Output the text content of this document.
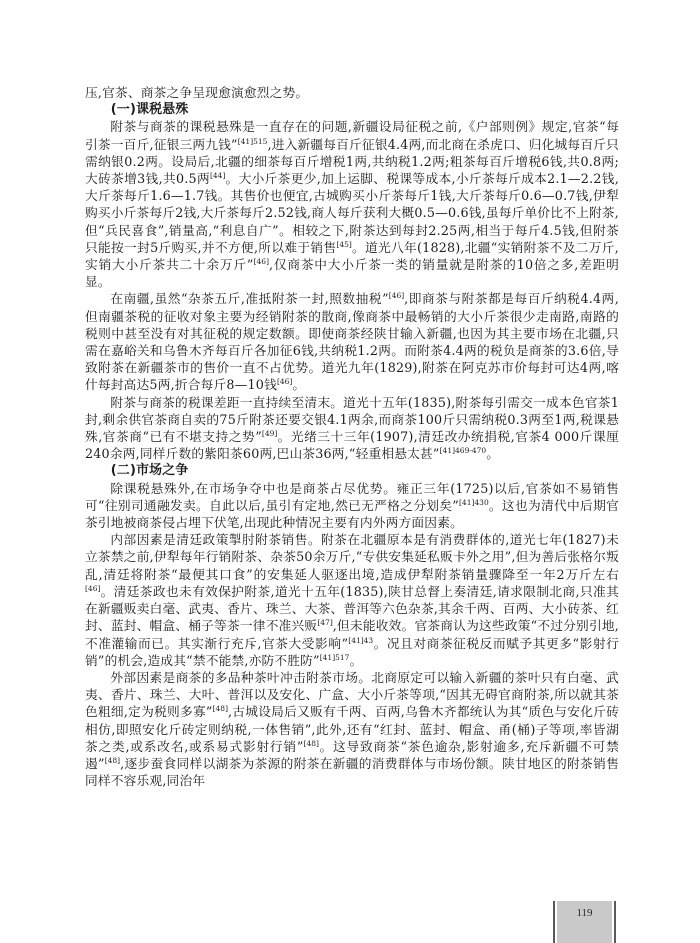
压,官茶、商茶之争呈现愈演愈烈之势。

(一)课税悬殊

附茶与商茶的课税悬殊是一直存在的问题,新疆设局征税之前,《户部则例》规定,官茶“每引茶一百斤,征银三两九钱”$^{[41]515}$,进入新疆每百斤征银4.4两,而北商在杀虎口、归化城每百斤只需纳银0.2两。设局后,北疆的细茶每百斤增税1两,共纳税1.2两;粗茶每百斤增税6钱,共0.8两;大砖茶增3钱,共0.5两[44]。大小斤茶更少,加上运脚、税课等成本,小斤茶每斤成本2.1—2.2钱,大斤茶每斤1.6—1.7钱。其售价也便宜,古城购买小斤茶每斤1钱,大斤茶每斤0.6—0.7钱,伊犁购买小斤茶每斤2钱,大斤茶每斤2.52钱,商人每斤获利大概0.5—0.6钱,虽每斤单价比不上附茶,但“兵民喜食”,销量高,“利息自广”。相较之下,附茶达到每封2.25两,相当于每斤4.5钱,但附茶只能按一封5斤购买,并不方便,所以难于销售[45]。道光八年(1828),北疆“实销附茶不及二万斤,实销大小斤茶共二十余万斤”[46],仅商茶中大小斤茶一类的销量就是附茶的10倍之多,差距明显。

在南疆,虽然“杂茶五斤,准抵附茶一封,照数抽税”[46],即商茶与附茶都是每百斤纳税4.4两,但南疆茶税的征收对象主要为经销附茶的散商,像商茶中最畅销的大小斤茶很少走南路,南路的税则中甚至没有对其征税的规定数额。即使商茶经陕甘输入新疆,也因为其主要市场在北疆,只需在嘉峪关和乌鲁木齐每百斤各加征6钱,共纳税1.2两。而附茶4.4两的税负是商茶的3.6倍,导致附茶在新疆茶市的售价一直不占优势。道光九年(1829),附茶在阿克苏市价每封可达4两,喀什每封高达5两,折合每斤8—10钱[46]。

附茶与商茶的税课差距一直持续至清末。道光十五年(1835),附茶每引需交一成本色官茶1封,剩余供官茶商自卖的75斤附茶还要交银4.1两余,而商茶100斤只需纳税0.3两至1两,税课悬殊,官茶商“已有不堪支持之势”[49]。光绪三十三年(1907),清廷改办统捐税,官茶4 000斤课厘240余两,同样斤数的紫阳茶60两,巴山茶36两,“轻重相悬太甚”$^{[41]469-470}$。

(二)市场之争

除课税悬殊外,在市场争夺中也是商茶占尽优势。雍正三年(1725)以后,官茶如不易销售可“往别司通融发卖。自此以后,虽引有定地,然已无严格之分划矣”$^{[41]430}$。这也为清代中后期官茶引地被商茶侵占埋下伏笔,出现此种情况主要有内外两方面因素。

内部因素是清廷政策掣肘附茶销售。附茶在北疆原本是有消费群体的,道光七年(1827)未立茶禁之前,伊犁每年行销附茶、杂茶50余万斤,“专供安集延私贩卡外之用”,但为善后张格尔叛乱,清廷将附茶“最便其口食”的安集延人驱逐出境,造成伊犁附茶销量骤降至一年2万斤左右[46]。清廷茶政也未有效保护附茶,道光十五年(1835),陕甘总督上奏清廷,请求限制北商,只准其在新疆贩卖白毫、武夷、香片、珠兰、大茶、普洱等六色杂茶,其余千两、百两、大小砖茶、红封、蓝封、帽盒、桶子等茶一律不准兴贩[47],但未能收效。官茶商认为这些政策“不过分别引地,不准灌输而已。其实渐行充斥,官茶大受影响”$^{[41]43}$。况且对商茶征税反而赋予其更多“影射行销”的机会,造成其“禁不能禁,亦防不胜防”$^{[41]517}$。

外部因素是商茶的多品种茶叶冲击附茶市场。北商原定可以输入新疆的茶叶只有白毫、武夷、香片、珠兰、大叶、普洱以及安化、广盒、大小斤茶等项,“因其无碍官商附茶,所以就其茶色粗细,定为税则多寡”[48],古城设局后又贩有千两、百两,乌鲁木齐都统认为其“质色与安化斤砖相仿,即照安化斤砖定则纳税,一体售销”,此外,还有“红封、蓝封、帽盒、甬(桶)子等项,率皆湖茶之类,或系改名,或系易式影射行销”[48]。这导致商茶“茶色逾杂,影射逾多,充斥新疆不可禁遏”[48],逐步蚕食同样以湖茶为茶源的附茶在新疆的消费群体与市场份额。陕甘地区的附茶销售同样不容乐观,同治年

119
